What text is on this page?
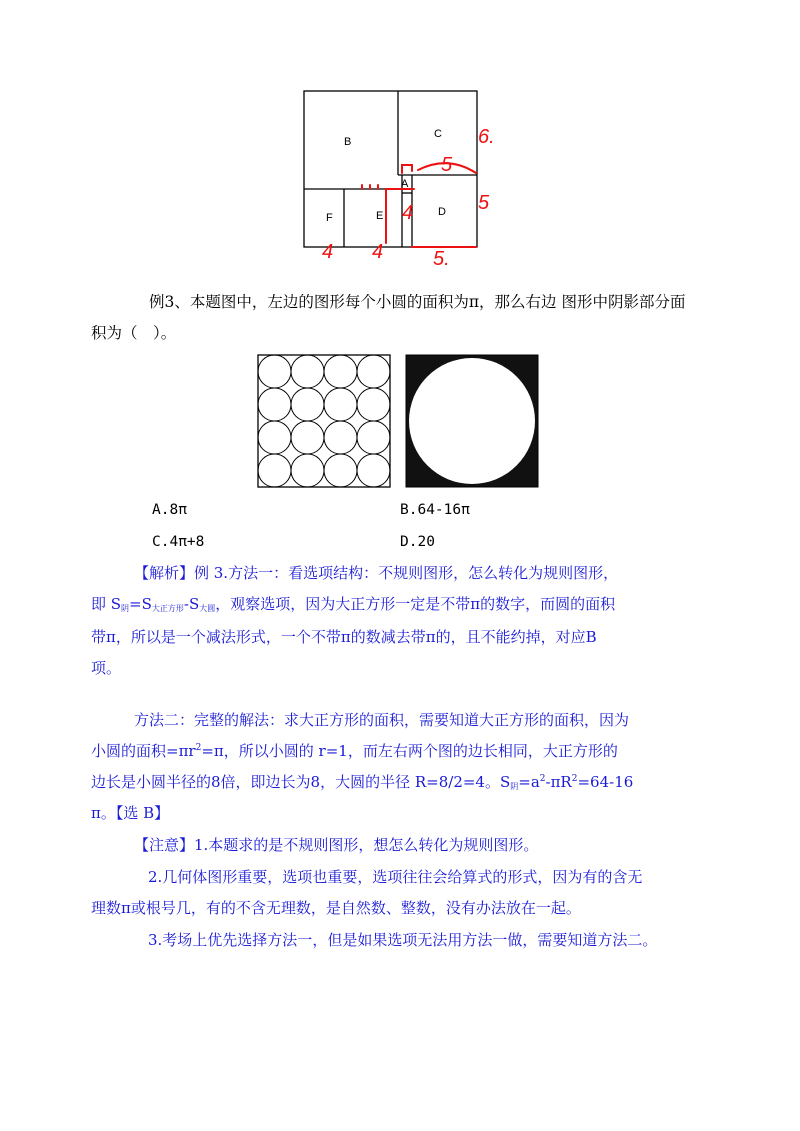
B
C
A
F	E	D
6.
5
5
4 4
4
5.
例3、本题图中，左边的图形每个小圆的面积为π，那么右边 图形中阴影部分面
积为（　）。
A.8π	B.64-16π
C.4π+8	D.20
【解析】例 3.方法一：看选项结构：不规则图形，怎么转化为规则图形，
即 $S_阴=S_{大正方形}-S_{大圆}$，观察选项，因为大正方形一定是不带π的数字，而圆的面积
带π，所以是一个减法形式，一个不带π的数减去带π的，且不能约掉，对应B
项。
方法二：完整的解法：求大正方形的面积，需要知道大正方形的面积，因为
小圆的面积$=\pi r^2=\pi$，所以小圆的 r=1，而左右两个图的边长相同，大正方形的
边长是小圆半径的8倍，即边长为8，大圆的半径 R=8/2=4。$S_阴=a^2-\pi R^2=64-16$
π。【选 B】
【注意】1.本题求的是不规则图形，想怎么转化为规则图形。
2.几何体图形重要，选项也重要，选项往往会给算式的形式，因为有的含无
理数π或根号几，有的不含无理数，是自然数、整数，没有办法放在一起。
3.考场上优先选择方法一，但是如果选项无法用方法一做，需要知道方法二。
